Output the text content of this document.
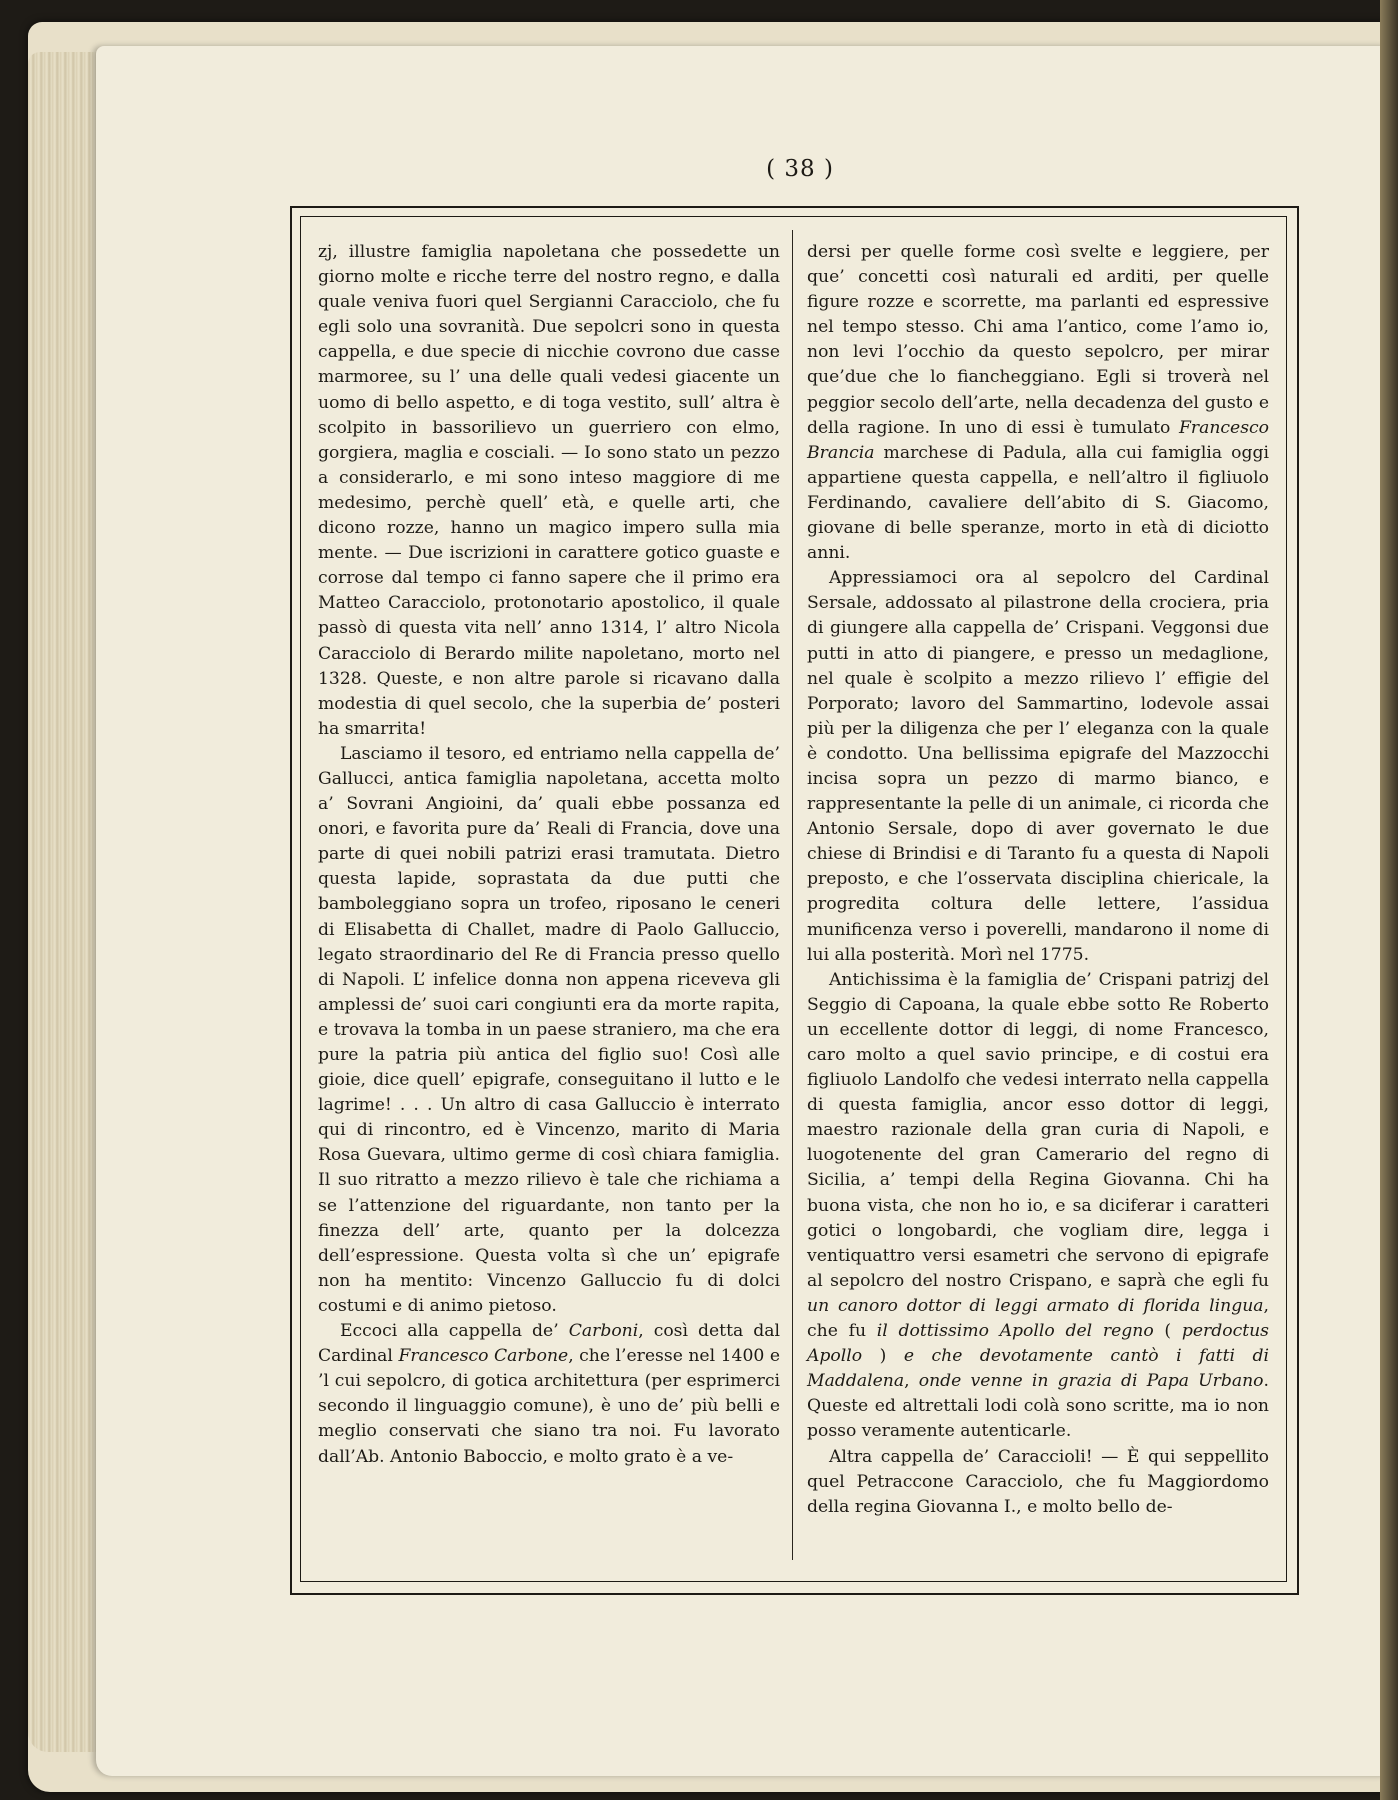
( 38 )

zj, illustre famiglia napoletana che possedette un giorno molte e ricche terre del nostro regno, e dalla quale veniva fuori quel Sergianni Caracciolo, che fu egli solo una sovranità. Due sepolcri sono in questa cappella, e due specie di nicchie covrono due casse marmoree, su l’ una delle quali vedesi giacente un uomo di bello aspetto, e di toga vestito, sull’ altra è scolpito in bassorilievo un guerriero con elmo, gorgiera, maglia e cosciali. — Io sono stato un pezzo a considerarlo, e mi sono inteso maggiore di me medesimo, perchè quell’ età, e quelle arti, che dicono rozze, hanno un magico impero sulla mia mente. — Due iscrizioni in carattere gotico guaste e corrose dal tempo ci fanno sapere che il primo era Matteo Caracciolo, protonotario apostolico, il quale passò di questa vita nell’ anno 1314, l’ altro Nicola Caracciolo di Berardo milite napoletano, morto nel 1328. Queste, e non altre parole si ricavano dalla modestia di quel secolo, che la superbia de’ posteri ha smarrita!

Lasciamo il tesoro, ed entriamo nella cappella de’ Gallucci, antica famiglia napoletana, accetta molto a’ Sovrani Angioini, da’ quali ebbe possanza ed onori, e favorita pure da’ Reali di Francia, dove una parte di quei nobili patrizi erasi tramutata. Dietro questa lapide, soprastata da due putti che bamboleggiano sopra un trofeo, riposano le ceneri di Elisabetta di Challet, madre di Paolo Galluccio, legato straordinario del Re di Francia presso quello di Napoli. L’ infelice donna non appena riceveva gli amplessi de’ suoi cari congiunti era da morte rapita, e trovava la tomba in un paese straniero, ma che era pure la patria più antica del figlio suo! Così alle gioie, dice quell’ epigrafe, conseguitano il lutto e le lagrime! . . . Un altro di casa Galluccio è interrato qui di rincontro, ed è Vincenzo, marito di Maria Rosa Guevara, ultimo germe di così chiara famiglia. Il suo ritratto a mezzo rilievo è tale che richiama a se l’attenzione del riguardante, non tanto per la finezza dell’ arte, quanto per la dolcezza dell’espressione. Questa volta sì che un’ epigrafe non ha mentito: Vincenzo Galluccio fu di dolci costumi e di animo pietoso.

Eccoci alla cappella de’ Carboni, così detta dal Cardinal Francesco Carbone, che l’eresse nel 1400 e ’l cui sepolcro, di gotica architettura (per esprimerci secondo il linguaggio comune), è uno de’ più belli e meglio conservati che siano tra noi. Fu lavorato dall’Ab. Antonio Baboccio, e molto grato è a ve-

dersi per quelle forme così svelte e leggiere, per que’ concetti così naturali ed arditi, per quelle figure rozze e scorrette, ma parlanti ed espressive nel tempo stesso. Chi ama l’antico, come l’amo io, non levi l’occhio da questo sepolcro, per mirar que’due che lo fiancheggiano. Egli si troverà nel peggior secolo dell’arte, nella decadenza del gusto e della ragione. In uno di essi è tumulato Francesco Brancia marchese di Padula, alla cui famiglia oggi appartiene questa cappella, e nell’altro il figliuolo Ferdinando, cavaliere dell’abito di S. Giacomo, giovane di belle speranze, morto in età di diciotto anni.

Appressiamoci ora al sepolcro del Cardinal Sersale, addossato al pilastrone della crociera, pria di giungere alla cappella de’ Crispani. Veggonsi due putti in atto di piangere, e presso un medaglione, nel quale è scolpito a mezzo rilievo l’ effigie del Porporato; lavoro del Sammartino, lodevole assai più per la diligenza che per l’ eleganza con la quale è condotto. Una bellissima epigrafe del Mazzocchi incisa sopra un pezzo di marmo bianco, e rappresentante la pelle di un animale, ci ricorda che Antonio Sersale, dopo di aver governato le due chiese di Brindisi e di Taranto fu a questa di Napoli preposto, e che l’osservata disciplina chiericale, la progredita coltura delle lettere, l’assidua munificenza verso i poverelli, mandarono il nome di lui alla posterità. Morì nel 1775.

Antichissima è la famiglia de’ Crispani patrizj del Seggio di Capoana, la quale ebbe sotto Re Roberto un eccellente dottor di leggi, di nome Francesco, caro molto a quel savio principe, e di costui era figliuolo Landolfo che vedesi interrato nella cappella di questa famiglia, ancor esso dottor di leggi, maestro razionale della gran curia di Napoli, e luogotenente del gran Camerario del regno di Sicilia, a’ tempi della Regina Giovanna. Chi ha buona vista, che non ho io, e sa diciferar i caratteri gotici o longobardi, che vogliam dire, legga i ventiquattro versi esametri che servono di epigrafe al sepolcro del nostro Crispano, e saprà che egli fu un canoro dottor di leggi armato di florida lingua, che fu il dottissimo Apollo del regno ( perdoctus Apollo ) e che devotamente cantò i fatti di Maddalena, onde venne in grazia di Papa Urbano. Queste ed altrettali lodi colà sono scritte, ma io non posso veramente autenticarle.

Altra cappella de’ Caraccioli! — È qui seppellito quel Petraccone Caracciolo, che fu Maggiordomo della regina Giovanna I., e molto bello de-
